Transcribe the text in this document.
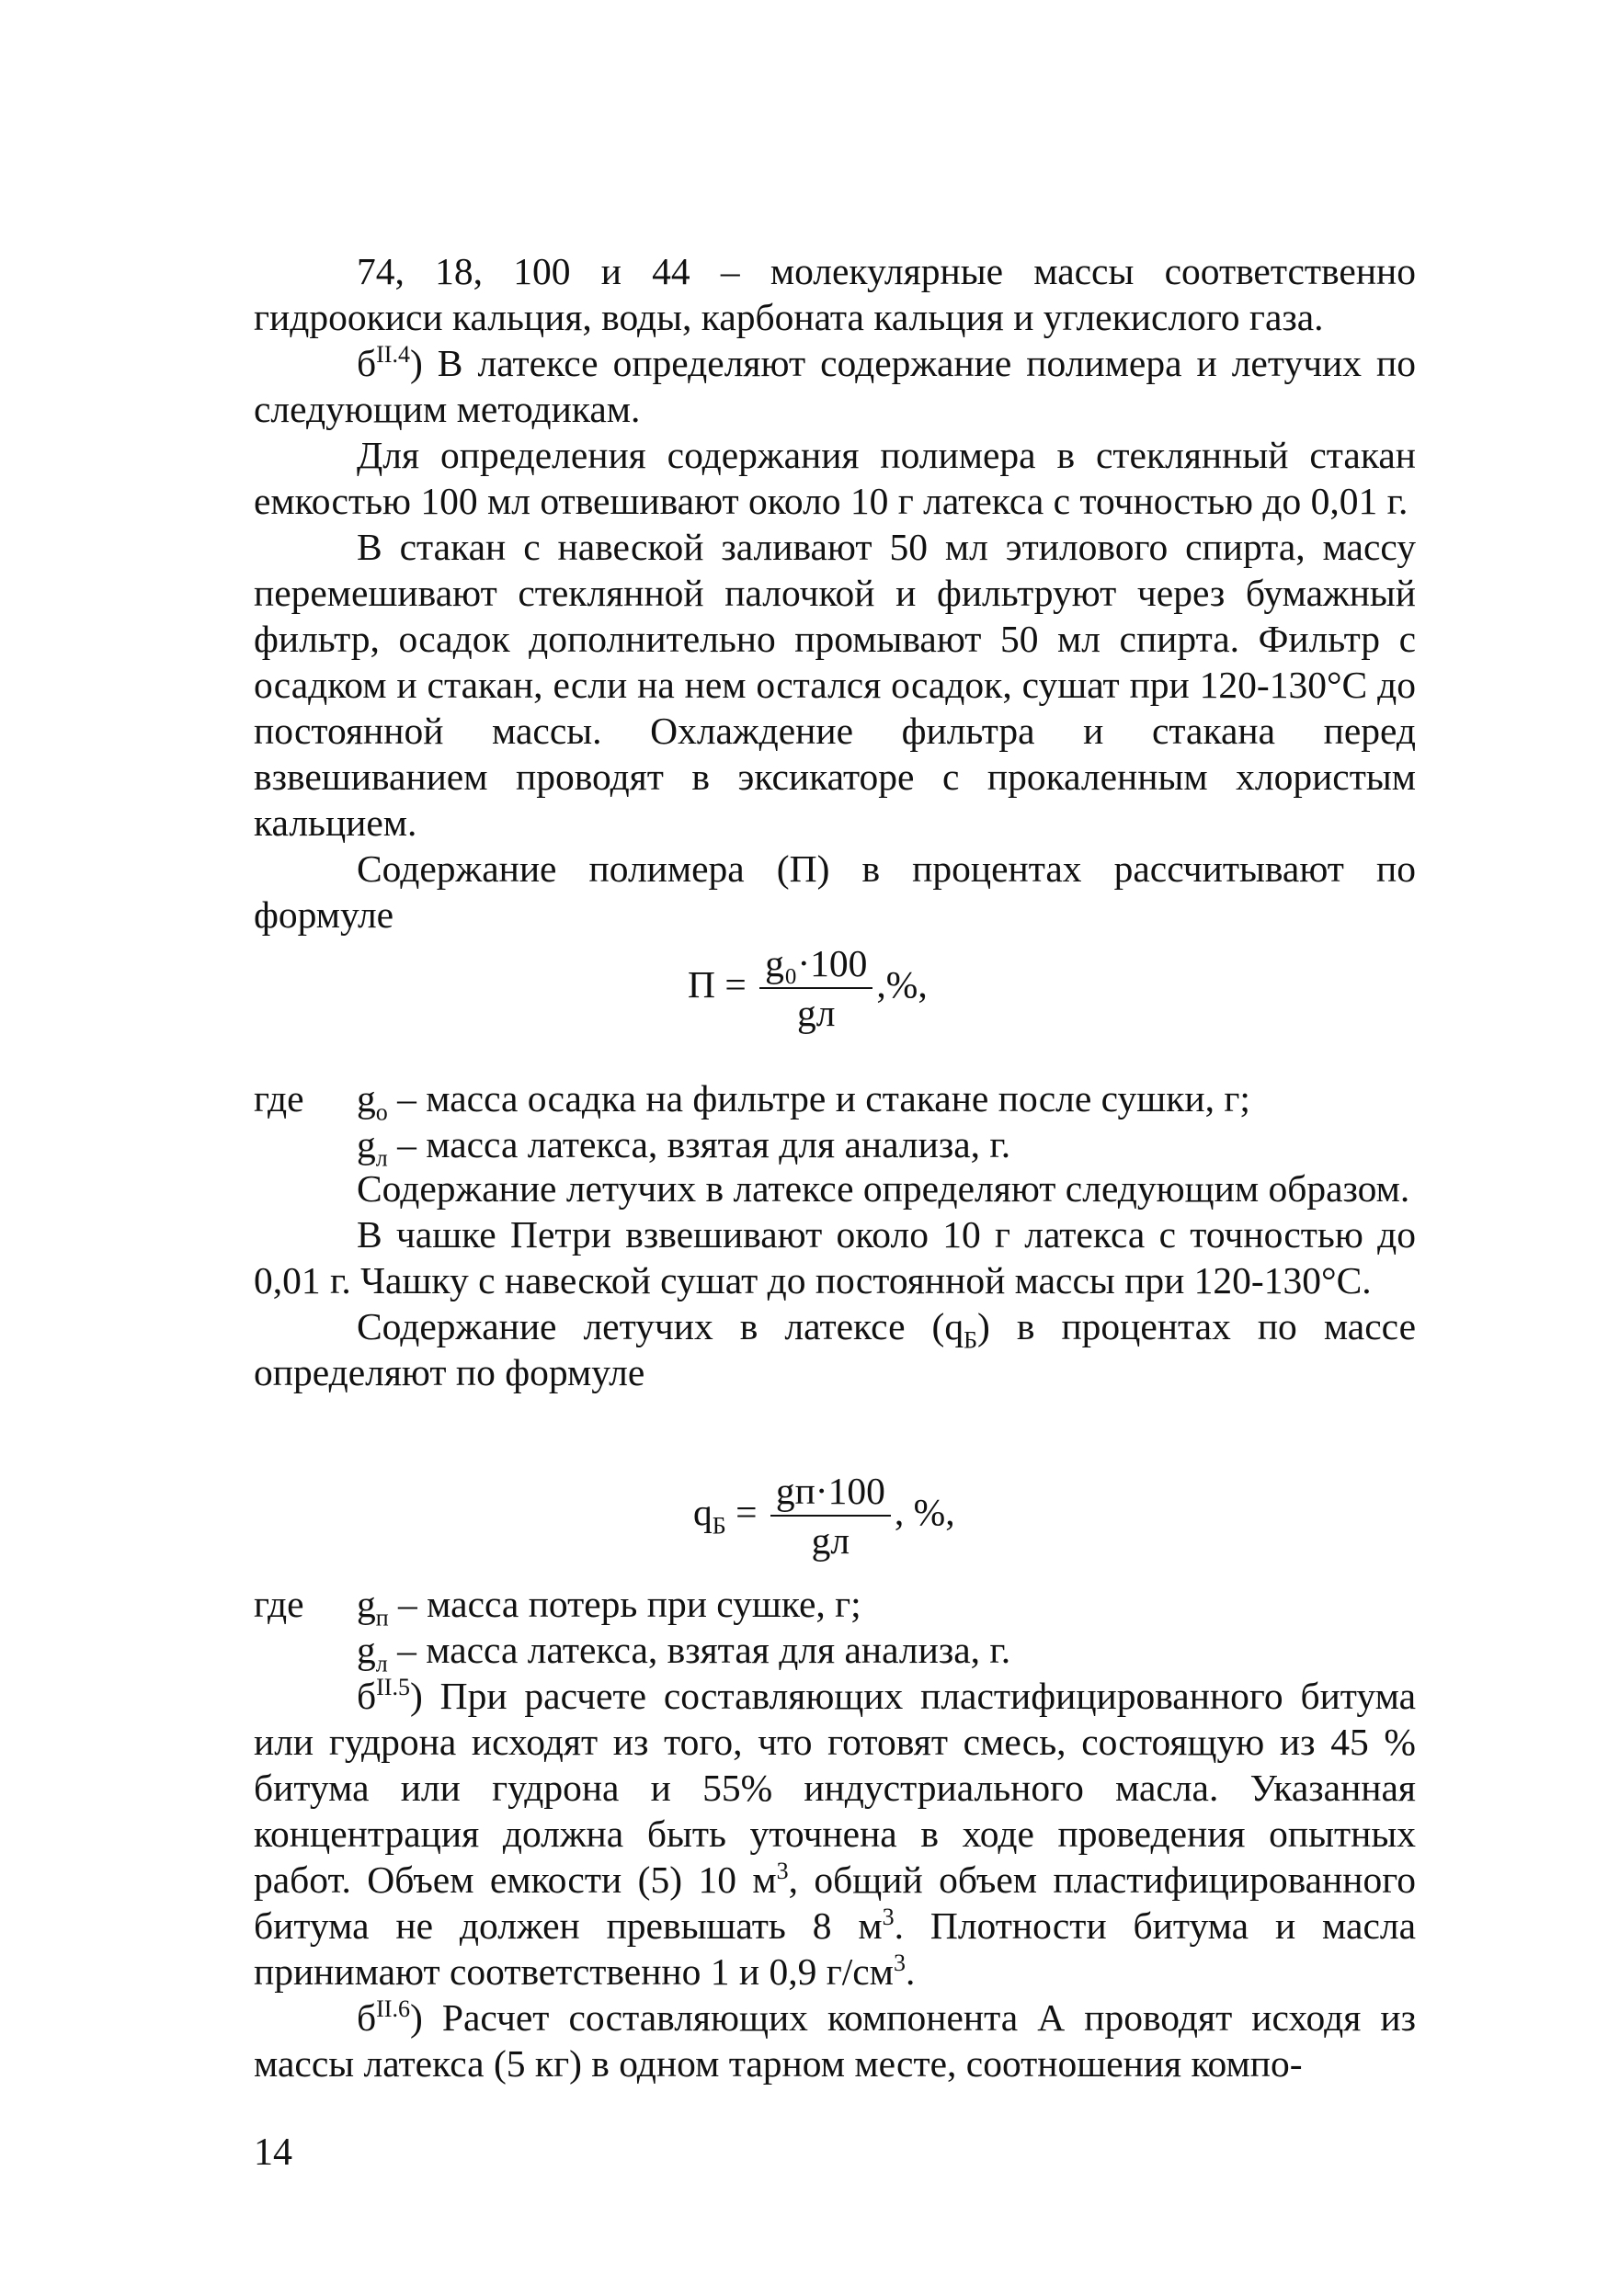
74, 18, 100 и 44 – молекулярные массы соответственно гидроокиси кальция, воды, карбоната кальция и углекислого газа.

$б^{II.4}$) В латексе определяют содержание полимера и летучих по следующим методикам.

Для определения содержания полимера в стеклянный стакан емкостью 100 мл отвешивают около 10 г латекса с точностью до 0,01 г.

В стакан с навеской заливают 50 мл этилового спирта, массу перемешивают стеклянной палочкой и фильтруют через бумажный фильтр, осадок дополнительно промывают 50 мл спирта. Фильтр с осадком и стакан, если на нем остался осадок, сушат при 120-130°С до постоянной массы. Охлаждение фильтра и стакана перед взвешиванием проводят в эксикаторе с прокаленным хлористым кальцием.

Содержание полимера (П) в процентах рассчитывают по формуле

$П = \frac{\text{g₀·100}}{gл}$ ,%,
где $g_o$ – масса осадка на фильтре и стакане после сушки, г;
$g_л$ – масса латекса, взятая для анализа, г.

Содержание летучих в латексе определяют следующим образом.

В чашке Петри взвешивают около 10 г латекса с точностью до 0,01 г. Чашку с навеской сушат до постоянной массы при 120-130°С.

Содержание летучих в латексе $(q_Б)$ в процентах по массе определяют по формуле

$q_Б = \frac{gп\cdot 100}{gл}$ , %,
где $g_п$ – масса потерь при сушке, г;
$g_л$ – масса латекса, взятая для анализа, г.

$б^{II.5}$) При расчете составляющих пластифицированного битума или гудрона исходят из того, что готовят смесь, состоящую из 45 % битума или гудрона и 55% индустриального масла. Указанная концентрация должна быть уточнена в ходе проведения опытных работ. Объем емкости (5) 10 $м^3$, общий объем пластифицированного битума не должен превышать 8 $м^3$. Плотности битума и масла принимают соответственно 1 и 0,9 $г/см^3$.

$б^{II.6}$) Расчет составляющих компонента А проводят исходя из массы латекса (5 кг) в одном тарном месте, соотношения компо-

14
